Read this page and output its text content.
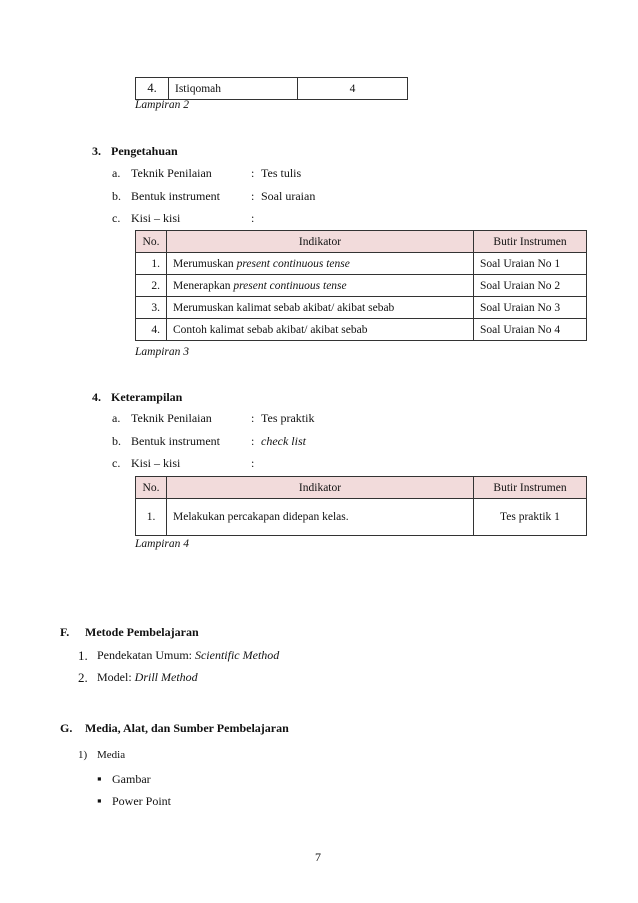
4.	Istiqomah	4
Lampiran 2
3. Pengetahuan
a. Teknik Penilaian	: Tes tulis
b. Bentuk instrument	: Soal uraian
c. Kisi – kisi	:
No.	Indikator	Butir Instrumen
1.	Merumuskan present continuous tense	Soal Uraian No 1
2.	Menerapkan present continuous tense	Soal Uraian No 2
3.	Merumuskan kalimat sebab akibat/ akibat sebab	Soal Uraian No 3
4.	Contoh kalimat sebab akibat/ akibat sebab	Soal Uraian No 4
Lampiran 3
4. Keterampilan
a. Teknik Penilaian	: Tes praktik
b. Bentuk instrument	: check list
c. Kisi – kisi	:
No.	Indikator	Butir Instrumen
1.	Melakukan percakapan didepan kelas.	Tes praktik 1
Lampiran 4
F. Metode Pembelajaran
1. Pendekatan Umum: Scientific Method
2. Model: Drill Method
G. Media, Alat, dan Sumber Pembelajaran
1) Media
▪ Gambar
▪ Power Point
7
